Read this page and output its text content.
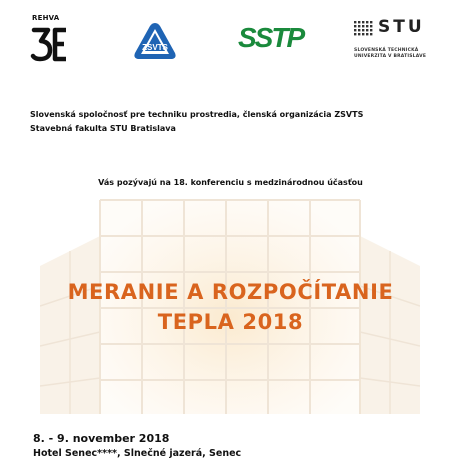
REHVA
ZSVTS	SSTP	STU
SLOVENSKÁ TECHNICKÁ
UNIVERZITA V BRATISLAVE
Slovenská spoločnosť pre techniku prostredia, členská organizácia ZSVTS
Stavebná fakulta STU Bratislava
Vás pozývajú na 18. konferenciu s medzinárodnou účasťou
MERANIE A ROZPOČÍTANIE
TEPLA 2018
8. - 9. november 2018
Hotel Senec****, Slnečné jazerá, Senec
